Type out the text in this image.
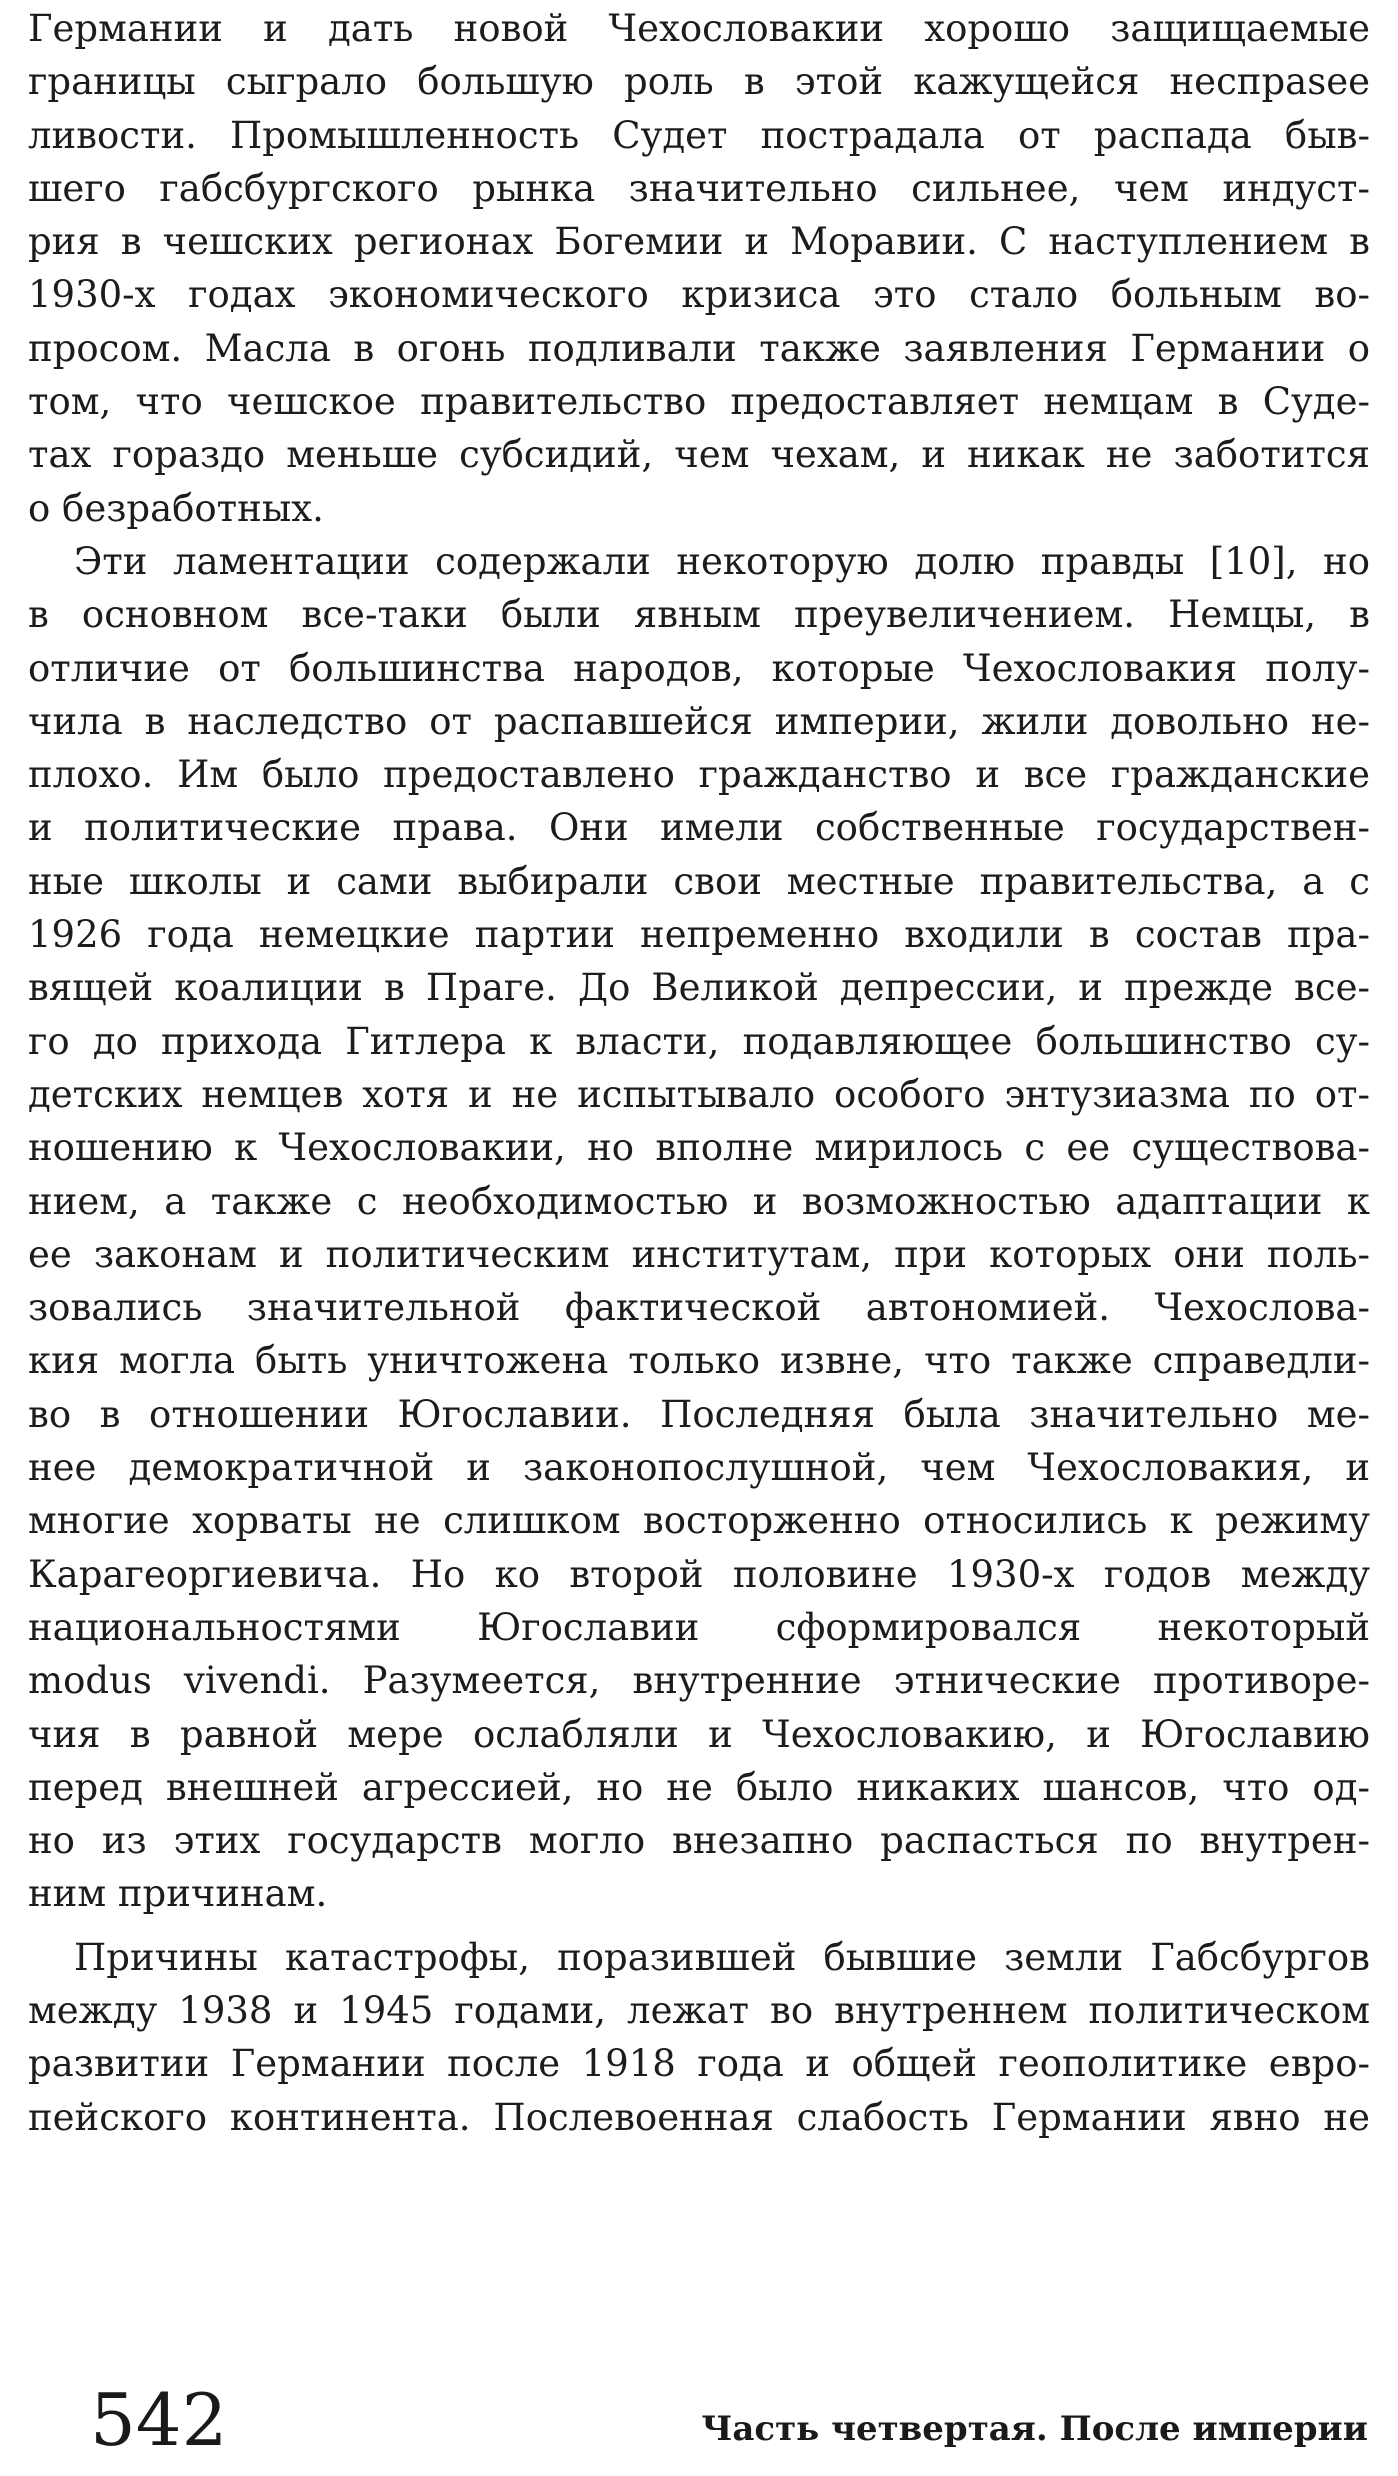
Германии и дать новой Чехословакии хорошо защищаемые
границы сыграло большую роль в этой кажущейся неспраsee
ливости. Промышленность Судет пострадала от распада быв-
шего габсбургского рынка значительно сильнее, чем индуст-
рия в чешских регионах Богемии и Моравии. С наступлением в
1930-х годах экономического кризиса это стало больным во-
просом. Масла в огонь подливали также заявления Германии о
том, что чешское правительство предоставляет немцам в Суде-
тах гораздо меньше субсидий, чем чехам, и никак не заботится
о безработных.
Эти ламентации содержали некоторую долю правды [10], но
в основном все-таки были явным преувеличением. Немцы, в
отличие от большинства народов, которые Чехословакия полу-
чила в наследство от распавшейся империи, жили довольно не-
плохо. Им было предоставлено гражданство и все гражданские
и политические права. Они имели собственные государствен-
ные школы и сами выбирали свои местные правительства, а с
1926 года немецкие партии непременно входили в состав пра-
вящей коалиции в Праге. До Великой депрессии, и прежде все-
го до прихода Гитлера к власти, подавляющее большинство су-
детских немцев хотя и не испытывало особого энтузиазма по от-
ношению к Чехословакии, но вполне мирилось с ее существова-
нием, а также с необходимостью и возможностью адаптации к
ее законам и политическим институтам, при которых они поль-
зовались значительной фактической автономией. Чехослова-
кия могла быть уничтожена только извне, что также справедли-
во в отношении Югославии. Последняя была значительно ме-
нее демократичной и законопослушной, чем Чехословакия, и
многие хорваты не слишком восторженно относились к режиму
Карагеоргиевича. Но ко второй половине 1930-х годов между
национальностями Югославии сформировался некоторый
modus vivendi. Разумеется, внутренние этнические противоре-
чия в равной мере ослабляли и Чехословакию, и Югославию
перед внешней агрессией, но не было никаких шансов, что од-
но из этих государств могло внезапно распасться по внутрен-
ним причинам.
Причины катастрофы, поразившей бывшие земли Габсбургов
между 1938 и 1945 годами, лежат во внутреннем политическом
развитии Германии после 1918 года и общей геополитике евро-
пейского континента. Послевоенная слабость Германии явно не
542	Часть четвертая. После империи
